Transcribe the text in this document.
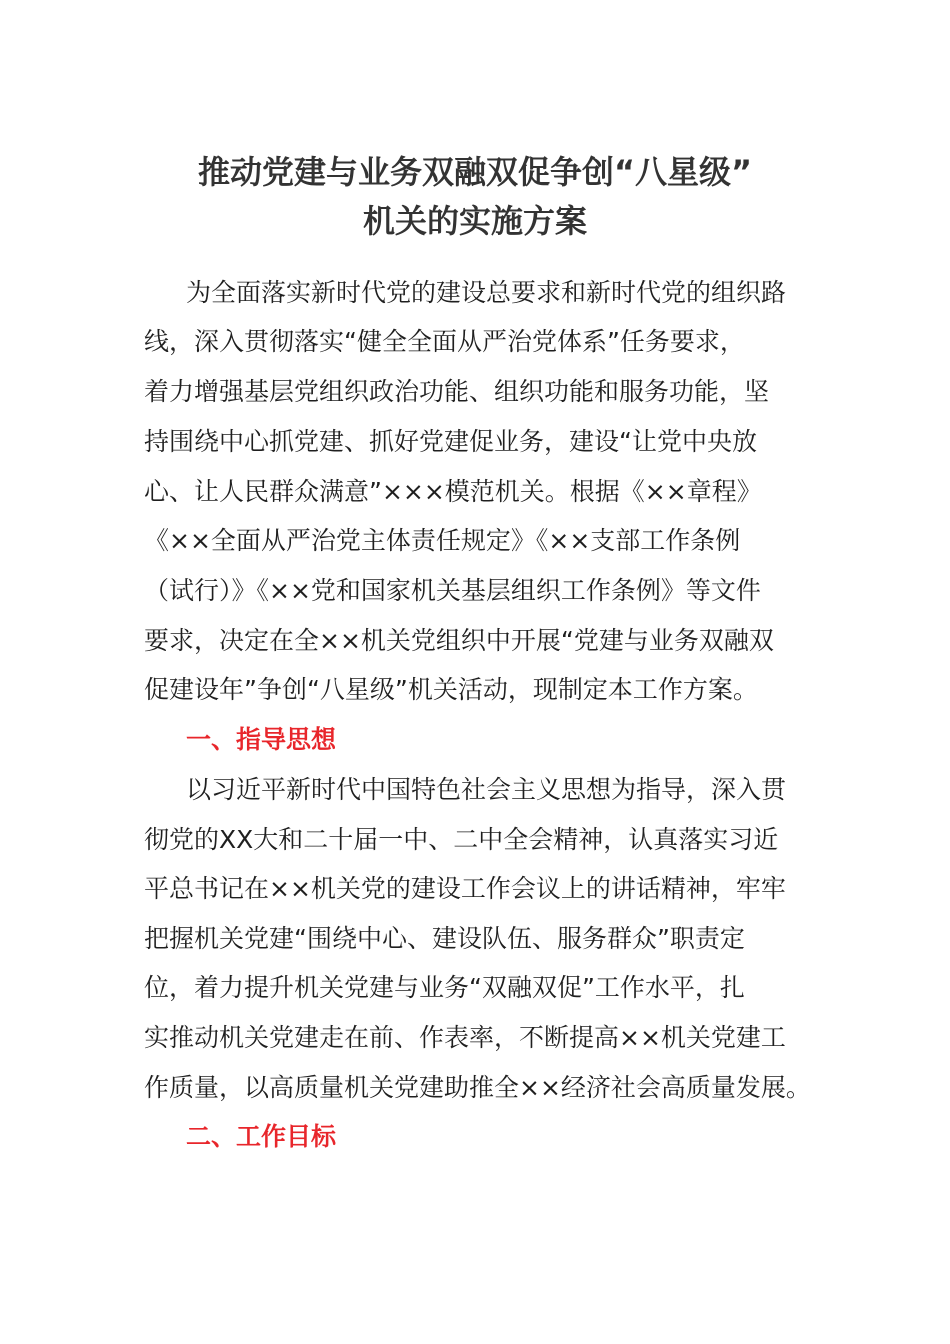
推动党建与业务双融双促争创“八星级”
机关的实施方案
为全面落实新时代党的建设总要求和新时代党的组织路
线，深入贯彻落实“健全全面从严治党体系”任务要求，
着力增强基层党组织政治功能、组织功能和服务功能，坚
持围绕中心抓党建、抓好党建促业务，建设“让党中央放
心、让人民群众满意”×××模范机关。根据《××章程》
《××全面从严治党主体责任规定》《××支部工作条例
（试行）》《××党和国家机关基层组织工作条例》等文件
要求，决定在全××机关党组织中开展“党建与业务双融双
促建设年”争创“八星级”机关活动，现制定本工作方案。
一、指导思想
以习近平新时代中国特色社会主义思想为指导，深入贯
彻党的XX大和二十届一中、二中全会精神，认真落实习近
平总书记在××机关党的建设工作会议上的讲话精神，牢牢
把握机关党建“围绕中心、建设队伍、服务群众”职责定
位，着力提升机关党建与业务“双融双促”工作水平，扎
实推动机关党建走在前、作表率，不断提高××机关党建工
作质量，以高质量机关党建助推全××经济社会高质量发展。
二、工作目标
